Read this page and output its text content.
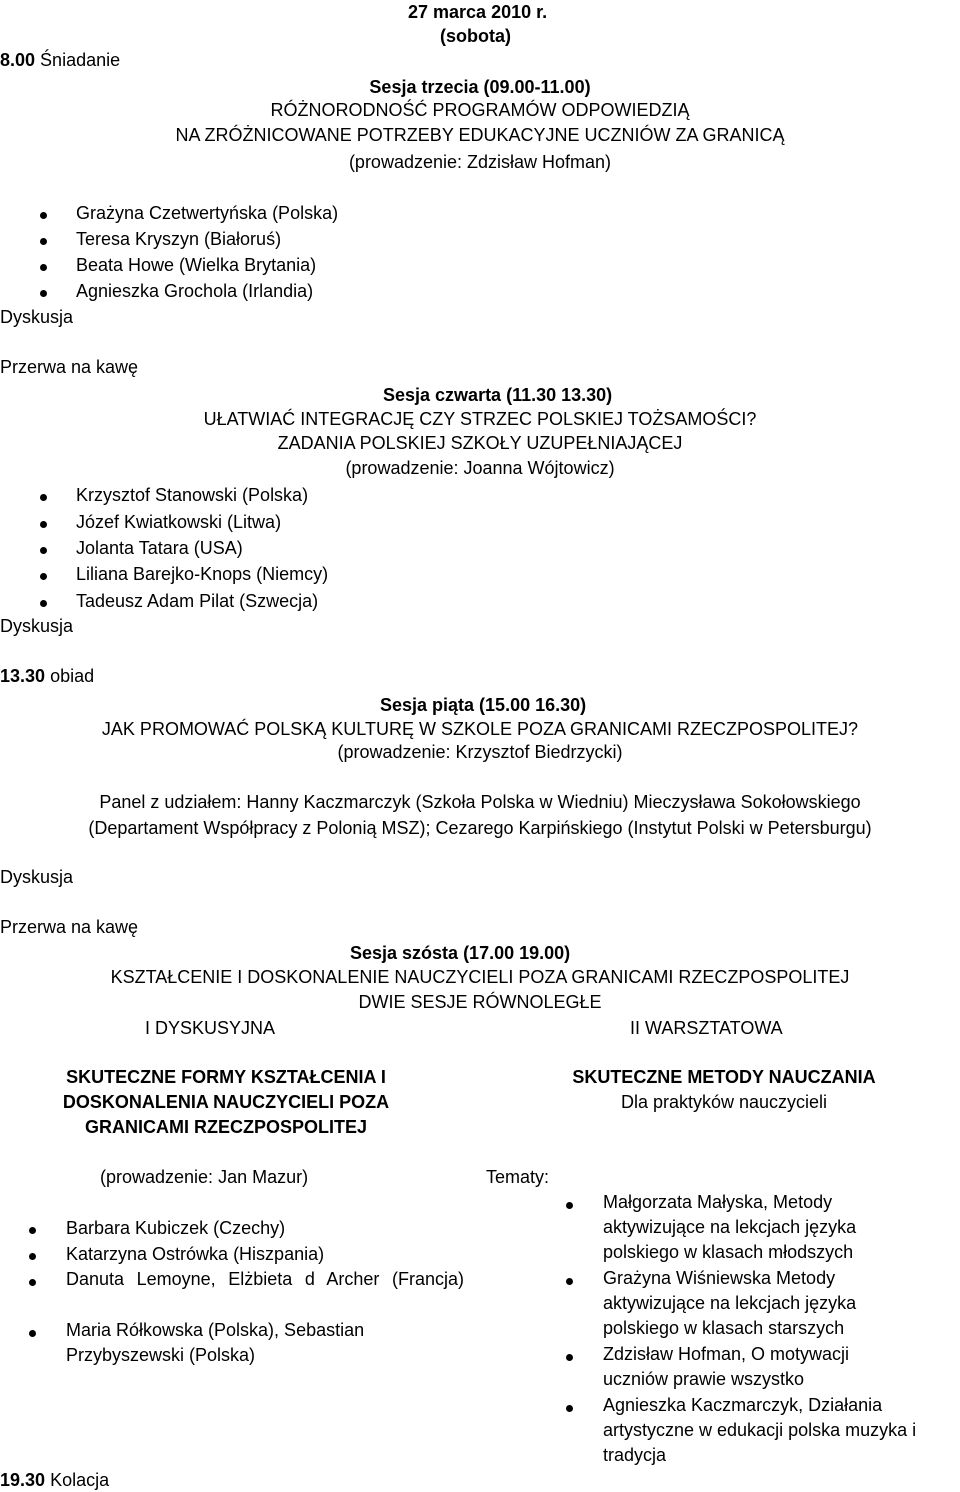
27 marca 2010 r.
(sobota)
8.00 Śniadanie
Sesja trzecia (09.00-11.00)
RÓŻNORODNOŚĆ PROGRAMÓW ODPOWIEDZIĄ
NA ZRÓŻNICOWANE POTRZEBY EDUKACYJNE UCZNIÓW ZA GRANICĄ
(prowadzenie: Zdzisław Hofman)
Grażyna Czetwertyńska (Polska)
Teresa Kryszyn (Białoruś)
Beata Howe (Wielka Brytania)
Agnieszka Grochola (Irlandia)
Dyskusja
Przerwa na kawę
Sesja czwarta (11.30 13.30)
UŁATWIAĆ INTEGRACJĘ CZY STRZEC POLSKIEJ TOŻSAMOŚCI?
ZADANIA POLSKIEJ SZKOŁY UZUPEŁNIAJĄCEJ
(prowadzenie: Joanna Wójtowicz)
Krzysztof Stanowski (Polska)
Józef Kwiatkowski (Litwa)
Jolanta Tatara (USA)
Liliana Barejko-Knops (Niemcy)
Tadeusz Adam Pilat (Szwecja)
Dyskusja
13.30 obiad
Sesja piąta (15.00 16.30)
JAK PROMOWAĆ POLSKĄ KULTURĘ W SZKOLE POZA GRANICAMI RZECZPOSPOLITEJ?
(prowadzenie: Krzysztof Biedrzycki)
Panel z udziałem: Hanny Kaczmarczyk (Szkoła Polska w Wiedniu) Mieczysława Sokołowskiego
(Departament Współpracy z Polonią MSZ); Cezarego Karpińskiego (Instytut Polski w Petersburgu)
Dyskusja
Przerwa na kawę
Sesja szósta (17.00 19.00)
KSZTAŁCENIE I DOSKONALENIE NAUCZYCIELI POZA GRANICAMI RZECZPOSPOLITEJ
DWIE SESJE RÓWNOLEGŁE
I DYSKUSYJNA	II WARSZTATOWA
SKUTECZNE FORMY KSZTAŁCENIA I
DOSKONALENIA NAUCZYCIELI POZA
GRANICAMI RZECZPOSPOLITEJ
(prowadzenie: Jan Mazur)
Barbara Kubiczek (Czechy)
Katarzyna Ostrówka (Hiszpania)
Danuta Lemoyne, Elżbieta d Archer (Francja)
Maria Rółkowska (Polska), Sebastian Przybyszewski (Polska)
SKUTECZNE METODY NAUCZANIA
Dla praktyków nauczycieli
Tematy:
Małgorzata Małyska, Metody aktywizujące na lekcjach języka polskiego w klasach młodszych
Grażyna Wiśniewska Metody aktywizujące na lekcjach języka polskiego w klasach starszych
Zdzisław Hofman, O motywacji uczniów prawie wszystko
Agnieszka Kaczmarczyk, Działania artystyczne w edukacji polska muzyka i tradycja
19.30 Kolacja
